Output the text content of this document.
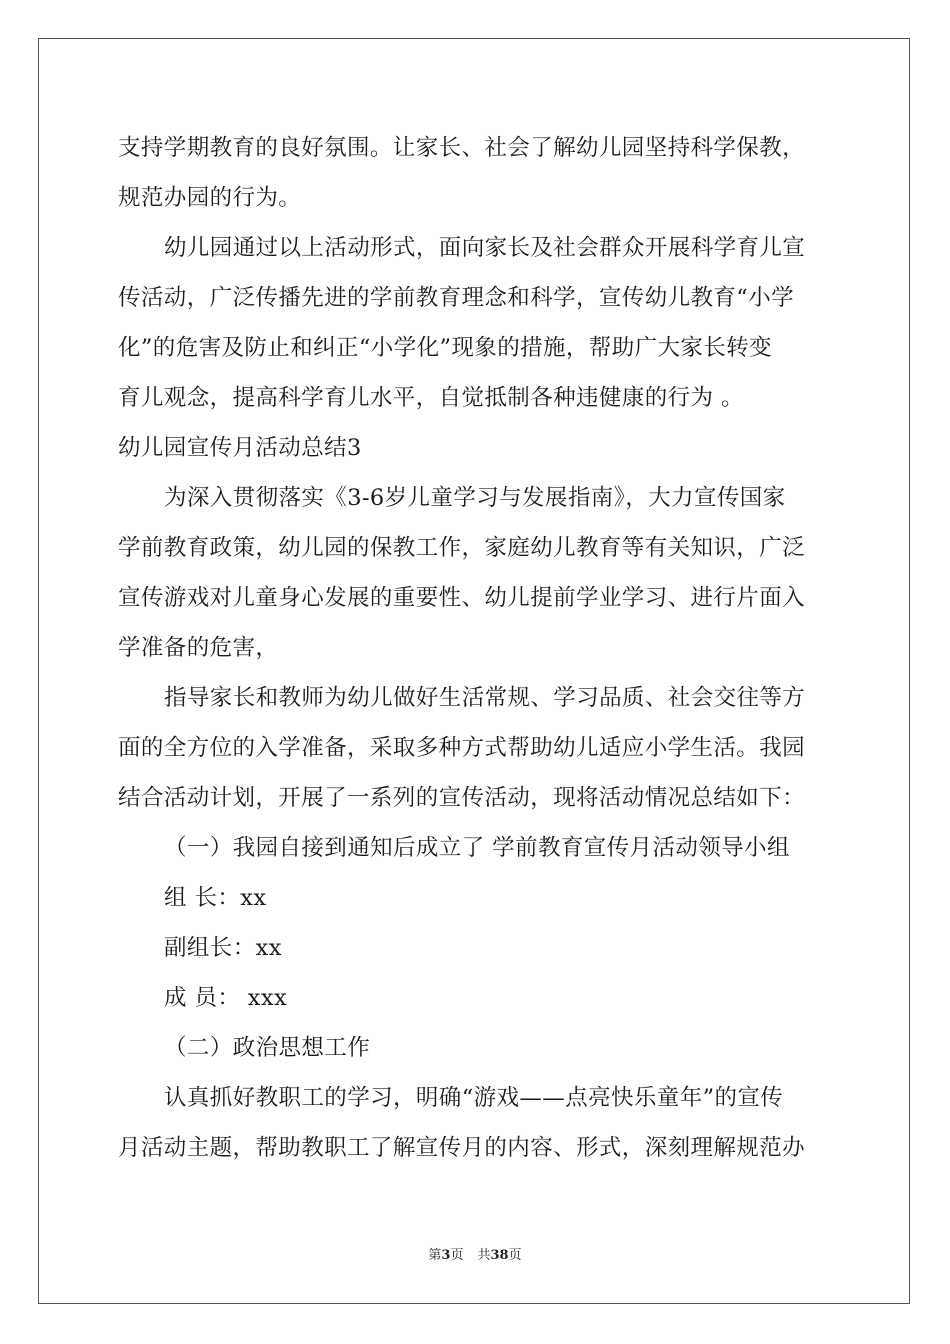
支持学期教育的良好氛围。让家长、社会了解幼儿园坚持科学保教，
规范办园的行为。
幼儿园通过以上活动形式，面向家长及社会群众开展科学育儿宣
传活动，广泛传播先进的学前教育理念和科学，宣传幼儿教育“小学
化”的危害及防止和纠正“小学化”现象的措施，帮助广大家长转变
育儿观念，提高科学育儿水平，自觉抵制各种违健康的行为 。
幼儿园宣传月活动总结3
为深入贯彻落实《3-6岁儿童学习与发展指南》，大力宣传国家
学前教育政策，幼儿园的保教工作，家庭幼儿教育等有关知识，广泛
宣传游戏对儿童身心发展的重要性、幼儿提前学业学习、进行片面入
学准备的危害，
指导家长和教师为幼儿做好生活常规、学习品质、社会交往等方
面的全方位的入学准备，采取多种方式帮助幼儿适应小学生活。我园
结合活动计划，开展了一系列的宣传活动，现将活动情况总结如下：
（一）我园自接到通知后成立了 学前教育宣传月活动领导小组
组 长：xx
副组长：xx
成 员： xxx
（二）政治思想工作
认真抓好教职工的学习，明确“游戏——点亮快乐童年”的宣传
月活动主题，帮助教职工了解宣传月的内容、形式，深刻理解规范办
第3页 共38页
